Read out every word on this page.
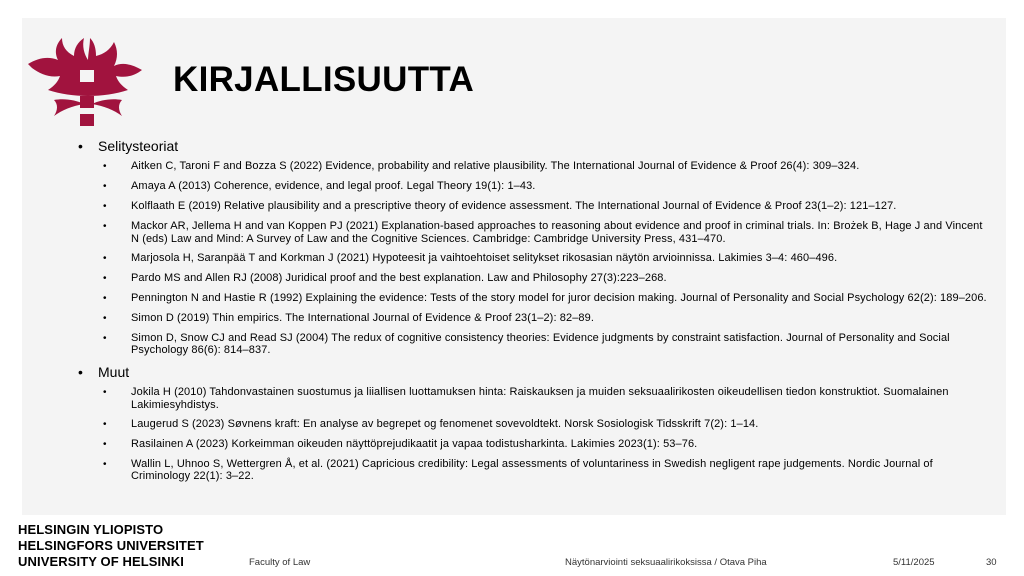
KIRJALLISUUTTA
•	Selitysteoriat
•	Aitken C, Taroni F and Bozza S (2022) Evidence, probability and relative plausibility. The International Journal of Evidence & Proof 26(4): 309–324.
•	Amaya A (2013) Coherence, evidence, and legal proof. Legal Theory 19(1): 1–43.
•	Kolflaath E (2019) Relative plausibility and a prescriptive theory of evidence assessment. The International Journal of Evidence & Proof 23(1–2): 121–127.
•	Mackor AR, Jellema H and van Koppen PJ (2021) Explanation-based approaches to reasoning about evidence and proof in criminal trials. In: Brożek B, Hage J and Vincent N (eds) Law and Mind: A Survey of Law and the Cognitive Sciences. Cambridge: Cambridge University Press, 431–470.
•	Marjosola H, Saranpää T and Korkman J (2021) Hypoteesit ja vaihtoehtoiset selitykset rikosasian näytön arvioinnissa. Lakimies 3–4: 460–496.
•	Pardo MS and Allen RJ (2008) Juridical proof and the best explanation. Law and Philosophy 27(3):223–268.
•	Pennington N and Hastie R (1992) Explaining the evidence: Tests of the story model for juror decision making. Journal of Personality and Social Psychology 62(2): 189–206.
•	Simon D (2019) Thin empirics. The International Journal of Evidence & Proof 23(1–2): 82–89.
•	Simon D, Snow CJ and Read SJ (2004) The redux of cognitive consistency theories: Evidence judgments by constraint satisfaction. Journal of Personality and Social Psychology 86(6): 814–837.
•	Muut
•	Jokila H (2010) Tahdonvastainen suostumus ja liiallisen luottamuksen hinta: Raiskauksen ja muiden seksuaalirikosten oikeudellisen tiedon konstruktiot. Suomalainen Lakimiesyhdistys.
•	Laugerud S (2023) Søvnens kraft: En analyse av begrepet og fenomenet sovevoldtekt. Norsk Sosiologisk Tidsskrift 7(2): 1–14.
•	Rasilainen A (2023) Korkeimman oikeuden näyttöprejudikaatit ja vapaa todistusharkinta. Lakimies 2023(1): 53–76.
•	Wallin L, Uhnoo S, Wettergren Å, et al. (2021) Capricious credibility: Legal assessments of voluntariness in Swedish negligent rape judgements. Nordic Journal of Criminology 22(1): 3–22.
HELSINGIN YLIOPISTO
HELSINGFORS UNIVERSITET
UNIVERSITY OF HELSINKI	Faculty of Law	Näytönarviointi seksuaalirikoksissa / Otava Piha	5/11/2025	30
